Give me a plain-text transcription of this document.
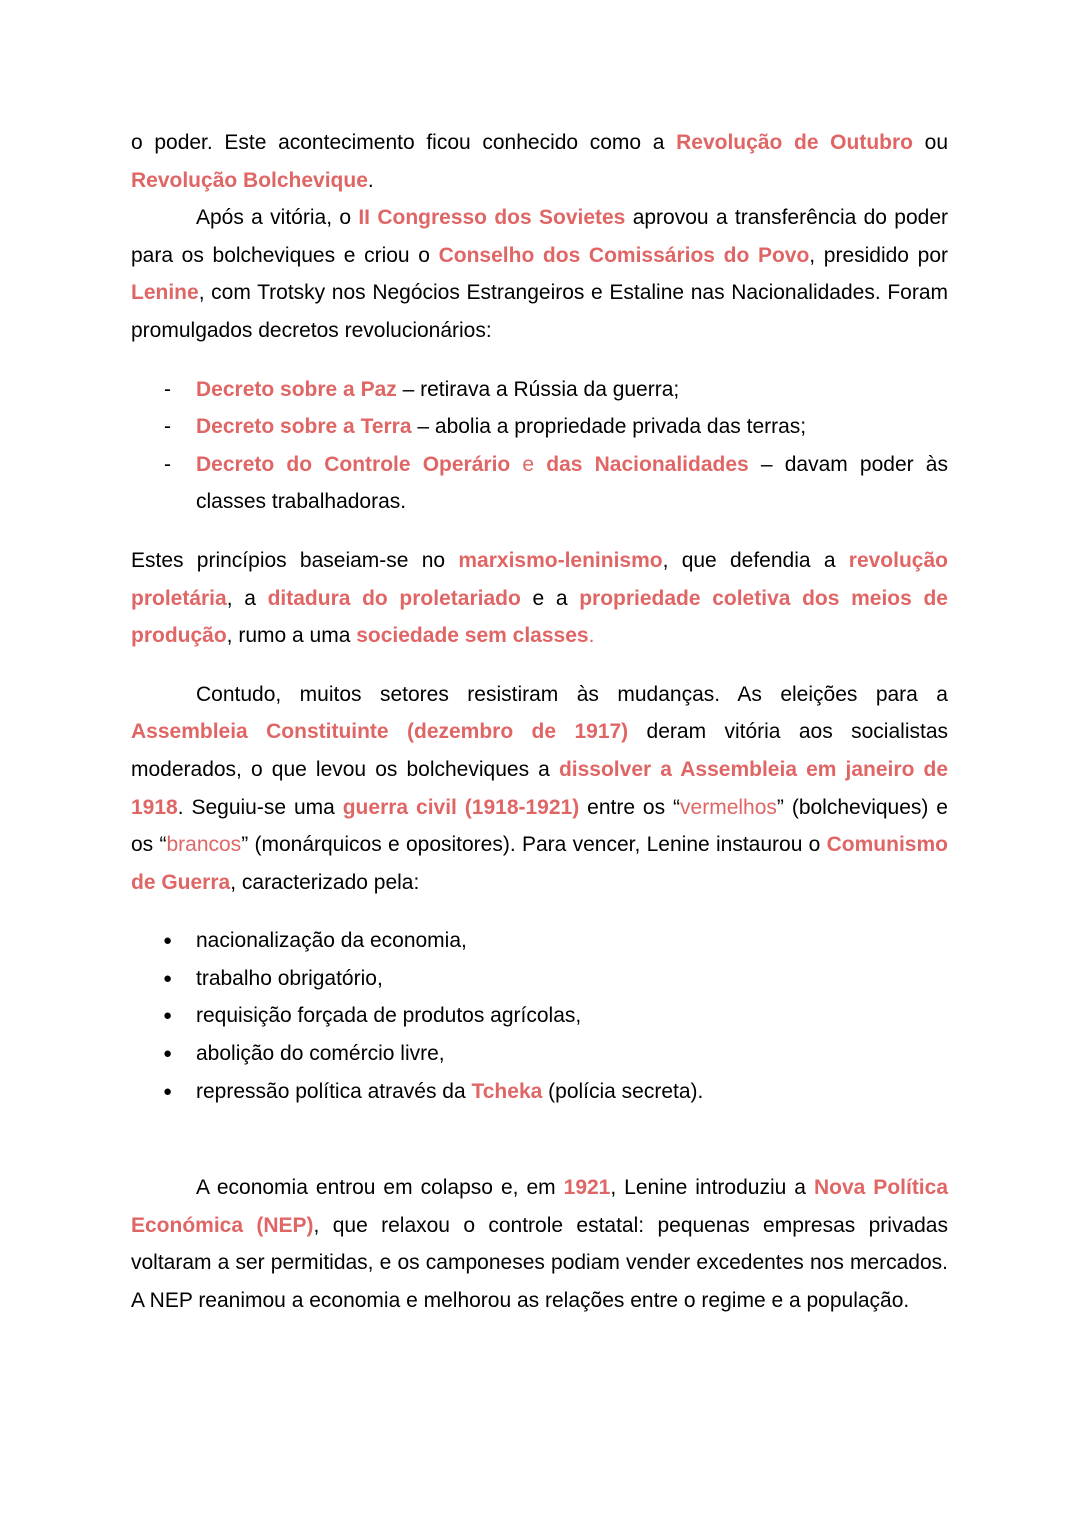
o poder. Este acontecimento ficou conhecido como a Revolução de Outubro ou Revolução Bolchevique.

Após a vitória, o II Congresso dos Sovietes aprovou a transferência do poder para os bolcheviques e criou o Conselho dos Comissários do Povo, presidido por Lenine, com Trotsky nos Negócios Estrangeiros e Estaline nas Nacionalidades. Foram promulgados decretos revolucionários:

- Decreto sobre a Paz – retirava a Rússia da guerra;
- Decreto sobre a Terra – abolia a propriedade privada das terras;
- Decreto do Controle Operário e das Nacionalidades – davam poder às classes trabalhadoras.

Estes princípios baseiam-se no marxismo-leninismo, que defendia a revolução proletária, a ditadura do proletariado e a propriedade coletiva dos meios de produção, rumo a uma sociedade sem classes.

Contudo, muitos setores resistiram às mudanças. As eleições para a Assembleia Constituinte (dezembro de 1917) deram vitória aos socialistas moderados, o que levou os bolcheviques a dissolver a Assembleia em janeiro de 1918. Seguiu-se uma guerra civil (1918-1921) entre os “vermelhos” (bolcheviques) e os “brancos” (monárquicos e opositores). Para vencer, Lenine instaurou o Comunismo de Guerra, caracterizado pela:

● nacionalização da economia,
● trabalho obrigatório,
● requisição forçada de produtos agrícolas,
● abolição do comércio livre,
● repressão política através da Tcheka (polícia secreta).

A economia entrou em colapso e, em 1921, Lenine introduziu a Nova Política Económica (NEP), que relaxou o controle estatal: pequenas empresas privadas voltaram a ser permitidas, e os camponeses podiam vender excedentes nos mercados. A NEP reanimou a economia e melhorou as relações entre o regime e a população.
